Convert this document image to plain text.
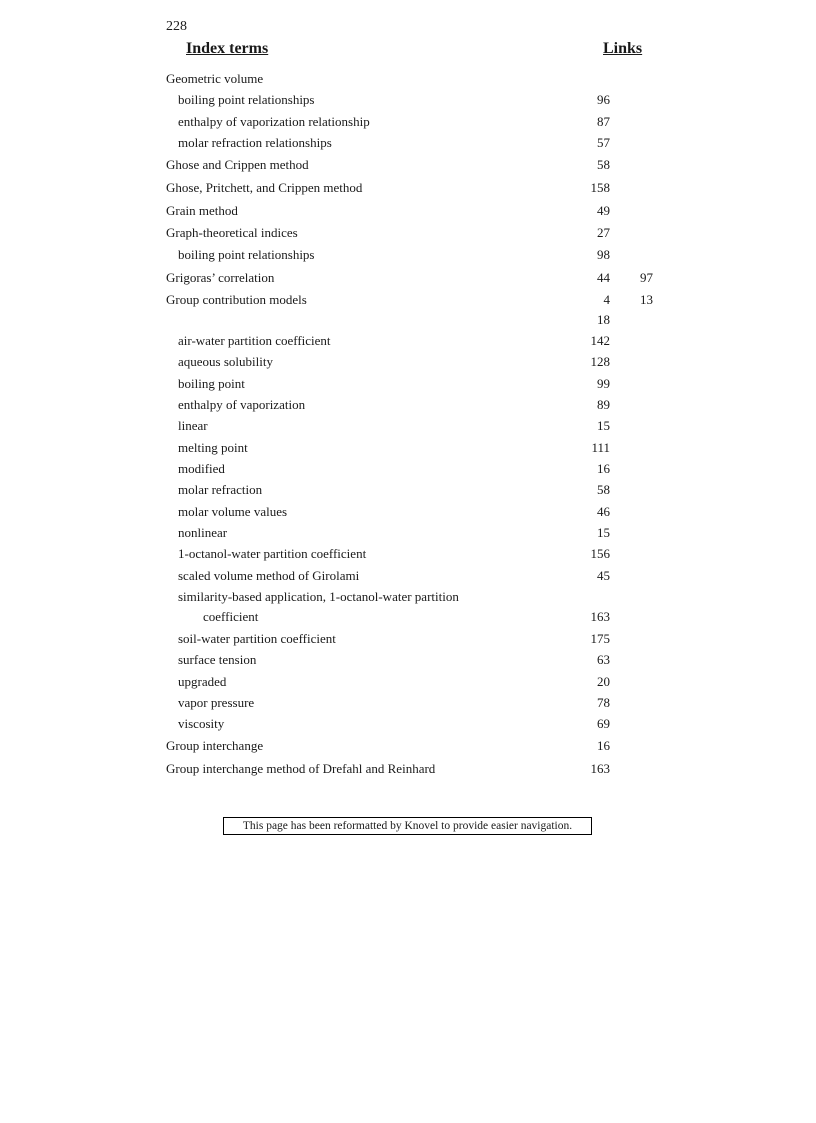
228
Index terms	Links
Geometric volume
boiling point relationships	96
enthalpy of vaporization relationship	87
molar refraction relationships	57
Ghose and Crippen method	58
Ghose, Pritchett, and Crippen method	158
Grain method	49
Graph-theoretical indices	27
boiling point relationships	98
Grigoras’ correlation	44 97
Group contribution models	4 13
18
air-water partition coefficient	142
aqueous solubility	128
boiling point	99
enthalpy of vaporization	89
linear	15
melting point	111
modified	16
molar refraction	58
molar volume values	46
nonlinear	15
1-octanol-water partition coefficient	156
scaled volume method of Girolami	45
similarity-based application, 1-octanol-water partition
coefficient	163
soil-water partition coefficient	175
surface tension	63
upgraded	20
vapor pressure	78
viscosity	69
Group interchange	16
Group interchange method of Drefahl and Reinhard	163
This page has been reformatted by Knovel to provide easier navigation.
